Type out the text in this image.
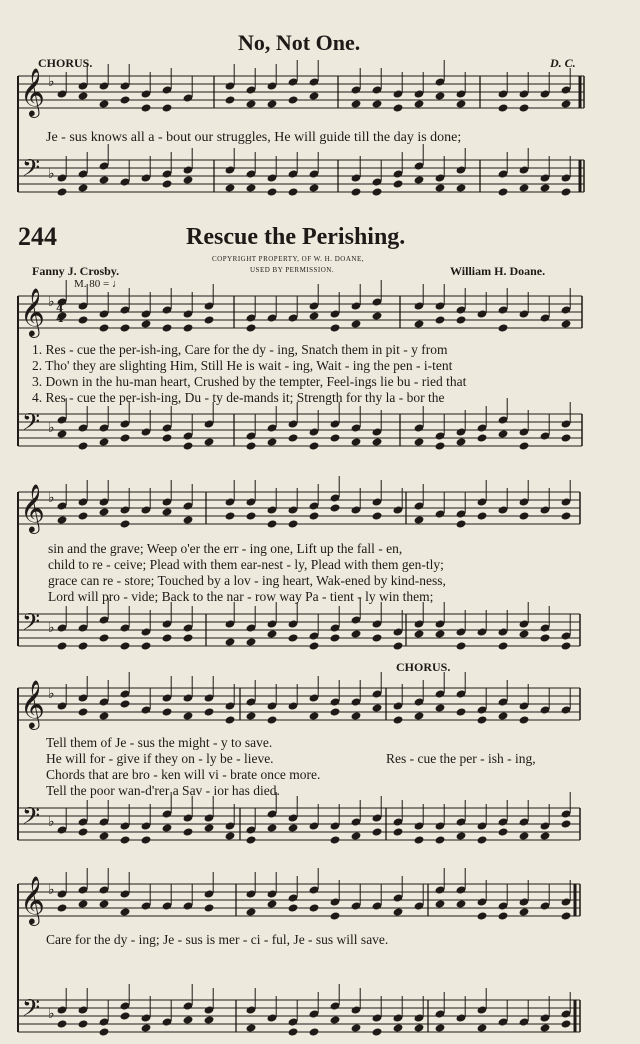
No, Not One.
CHORUS.	D. C.
Je - sus knows all a - bout our struggles, He will guide till the day is done;
244	Rescue the Perishing.
Fanny J. Crosby.
COPYRIGHT PROPERTY, OF W. H. DOANE,
USED BY PERMISSION.	William H. Doane.
M. 80 = ♩
1. Res - cue the per-ish-ing, Care for the dy - ing, Snatch them in pit - y from
2. Tho' they are slighting Him, Still He is wait - ing, Wait - ing the pen - i-tent
3. Down in the hu-man heart, Crushed by the tempter, Feel-ings lie bu - ried that
4. Res - cue the per-ish-ing, Du - ty de-mands it; Strength for thy la - bor the
sin and the grave; Weep o'er the err - ing one, Lift up the fall - en,
child to re - ceive; Plead with them ear-nest - ly, Plead with them gen-tly;
grace can re - store; Touched by a lov - ing heart, Wak-ened by kind-ness,
Lord will pro - vide; Back to the nar - row way Pa - tient - ly win them;
CHORUS.
Tell them of Je - sus the might - y to save.
He will for - give if they on - ly be - lieve.
Chords that are bro - ken will vi - brate once more.
Tell the poor wan-d'rer a Sav - ior has died.
Res - cue the per - ish - ing,
Care for the dy - ing; Je - sus is mer - ci - ful, Je - sus will save.
𝄞
𝄢
♭
♭
𝄞
𝄢
♭
♭
4
4
𝄞
𝄢
♭
♭
𝄞
𝄢
♭
♭
𝄞
𝄢
♭
♭
